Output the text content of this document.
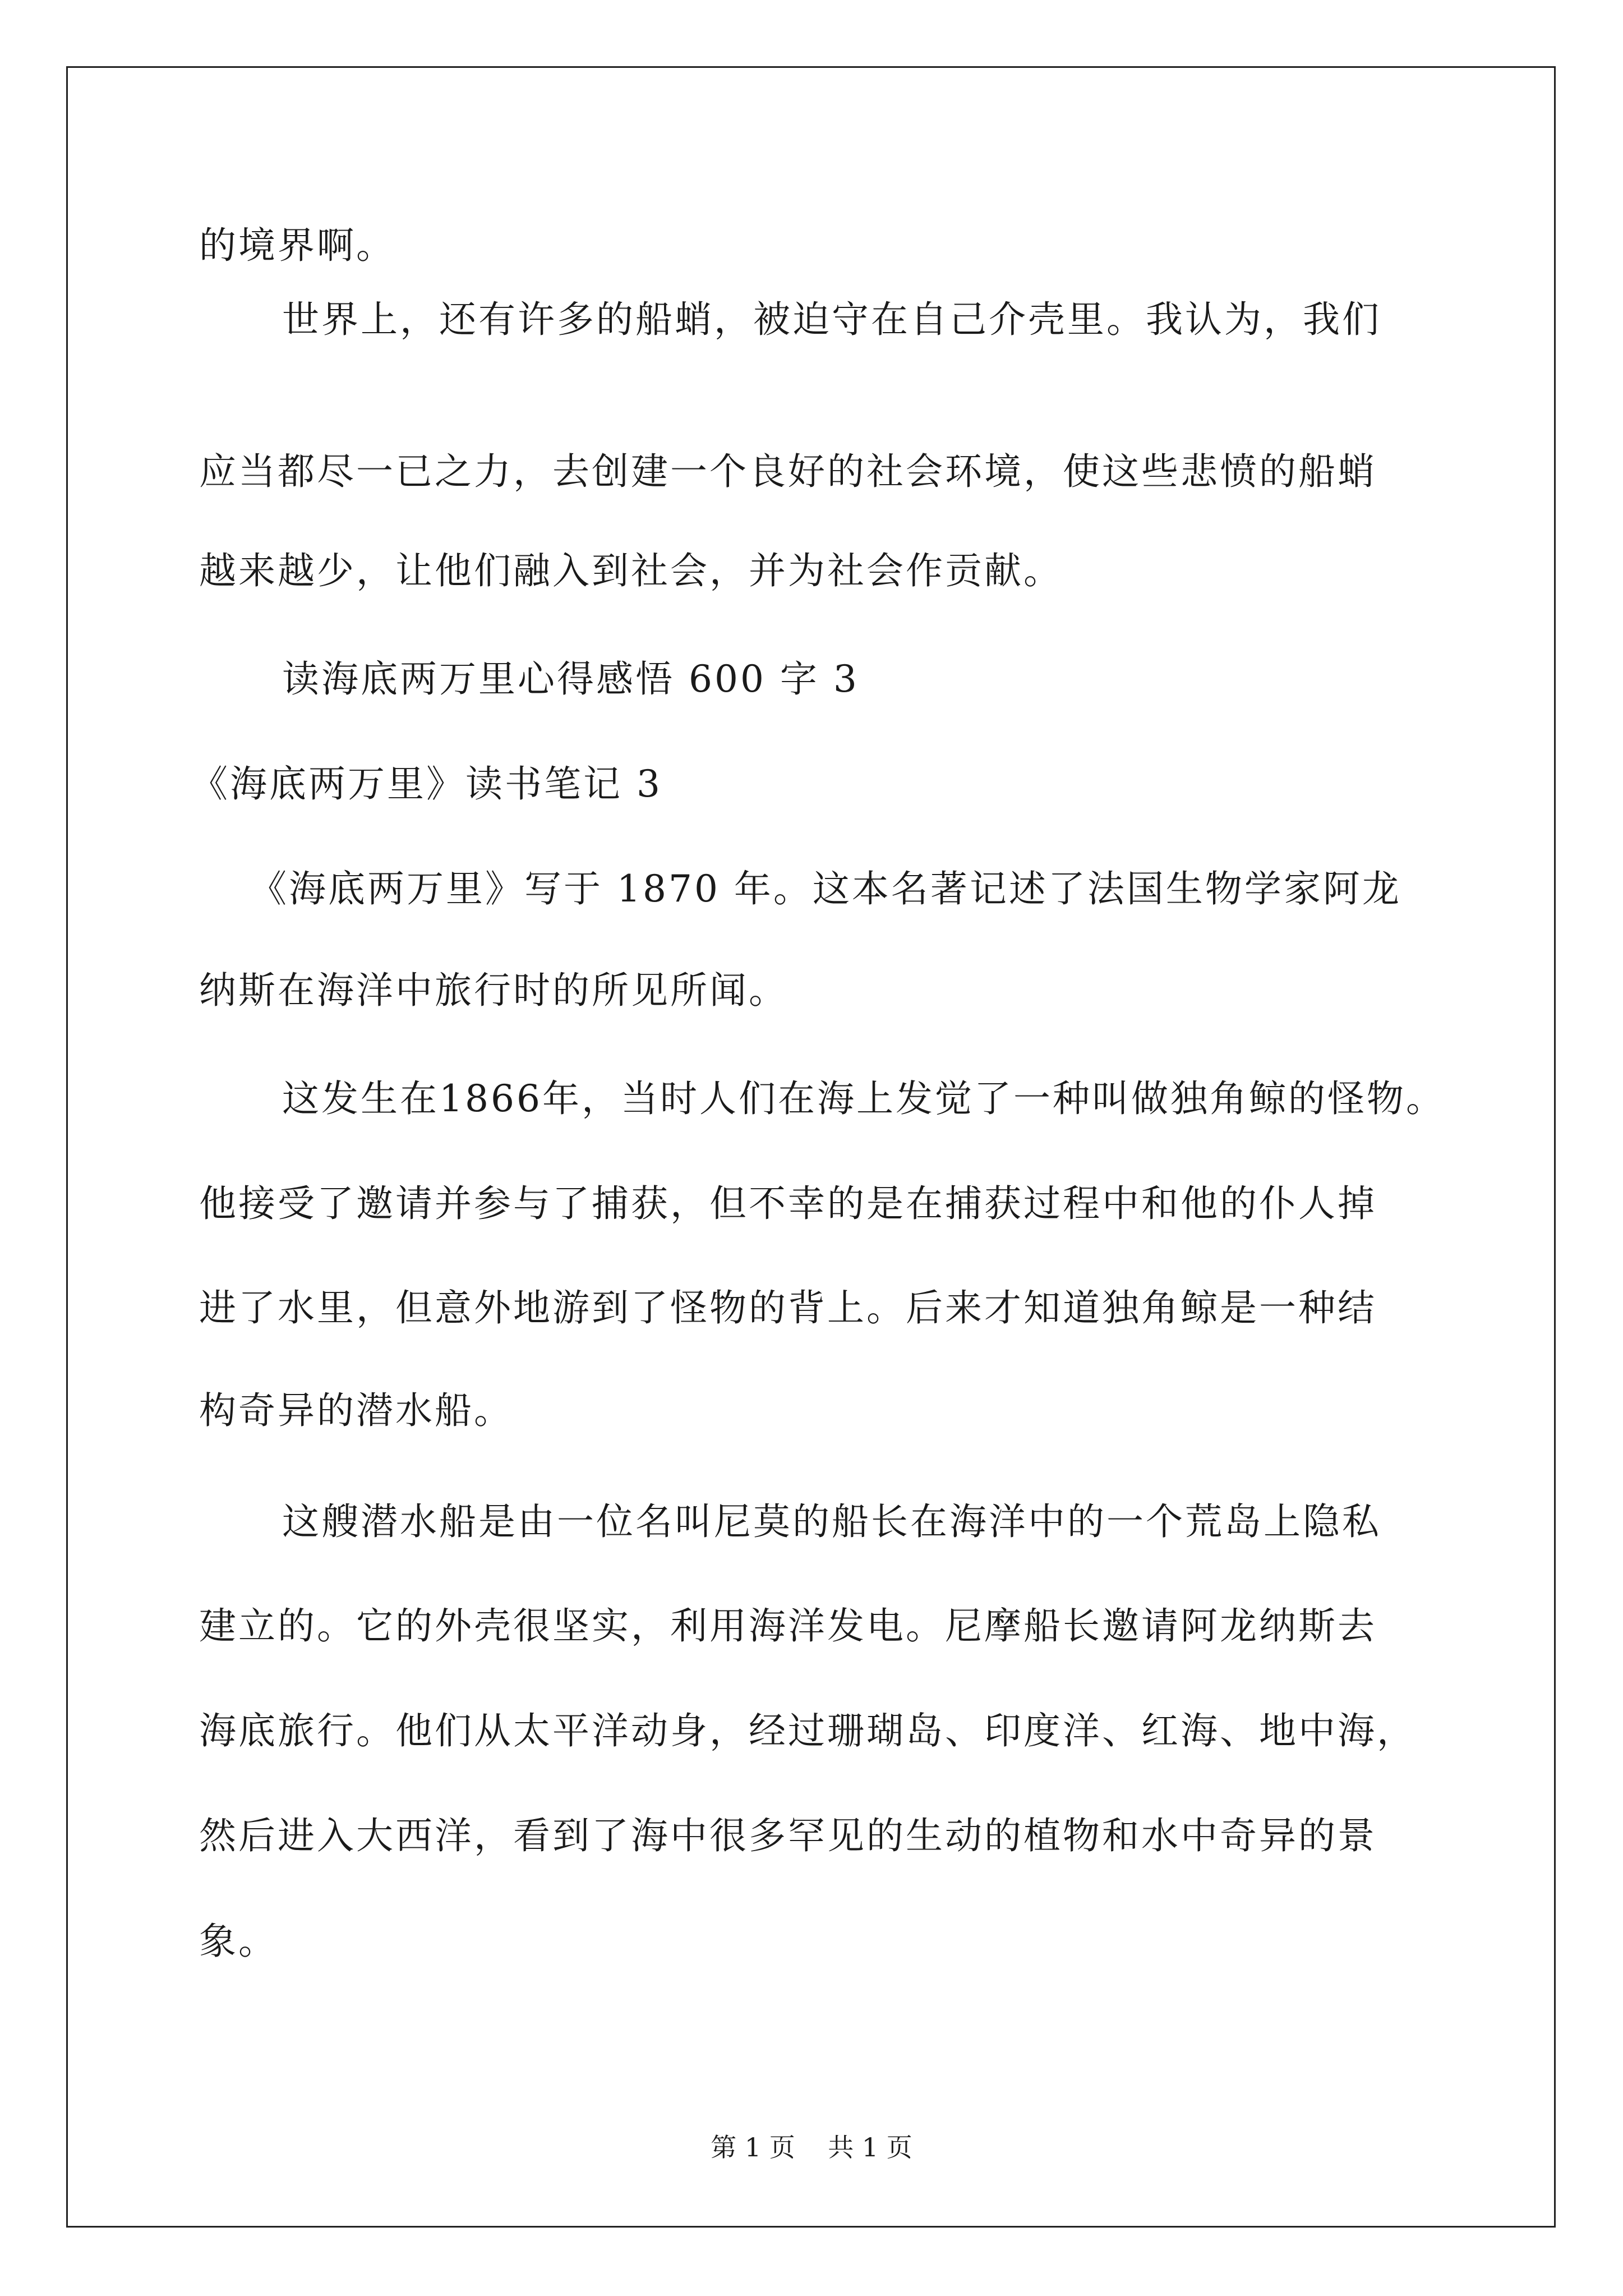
的境界啊。
世界上，还有许多的船蛸，被迫守在自己介壳里。我认为，我们
应当都尽一已之力，去创建一个良好的社会环境，使这些悲愤的船蛸
越来越少，让他们融入到社会，并为社会作贡献。
读海底两万里心得感悟 600 字 3
《海底两万里》读书笔记 3
《海底两万里》写于 1870 年。这本名著记述了法国生物学家阿龙
纳斯在海洋中旅行时的所见所闻。
这发生在1866年，当时人们在海上发觉了一种叫做独角鲸的怪物。
他接受了邀请并参与了捕获，但不幸的是在捕获过程中和他的仆人掉
进了水里，但意外地游到了怪物的背上。后来才知道独角鲸是一种结
构奇异的潜水船。
这艘潜水船是由一位名叫尼莫的船长在海洋中的一个荒岛上隐私
建立的。它的外壳很坚实，利用海洋发电。尼摩船长邀请阿龙纳斯去
海底旅行。他们从太平洋动身，经过珊瑚岛、印度洋、红海、地中海，
然后进入大西洋，看到了海中很多罕见的生动的植物和水中奇异的景
象。
第 1 页    共 1 页
